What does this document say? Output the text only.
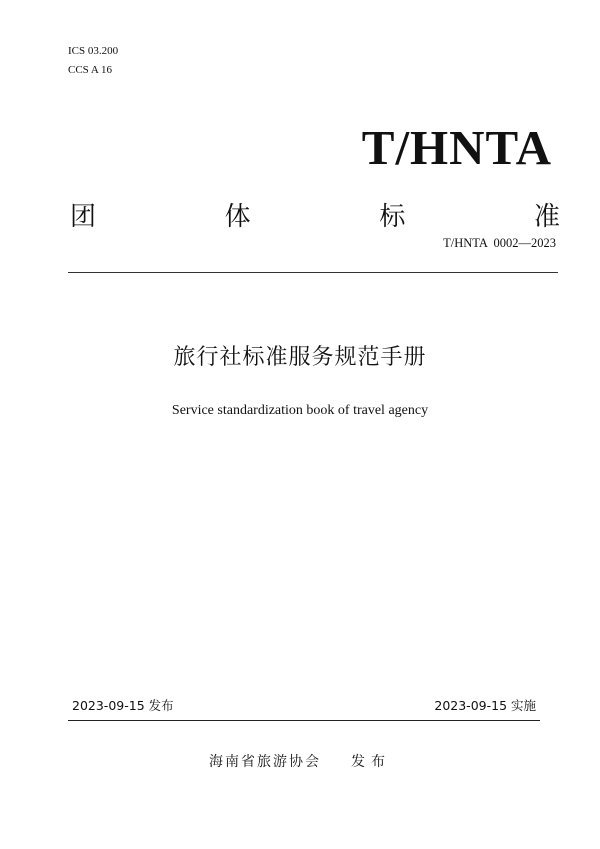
ICS 03.200
CCS A 16
T/HNTA
团	体	标	准
T/HNTA  0002—2023
旅行社标准服务规范手册
Service standardization book of travel agency
2023-09-15 发布	2023-09-15 实施
海南省旅游协会 发布
